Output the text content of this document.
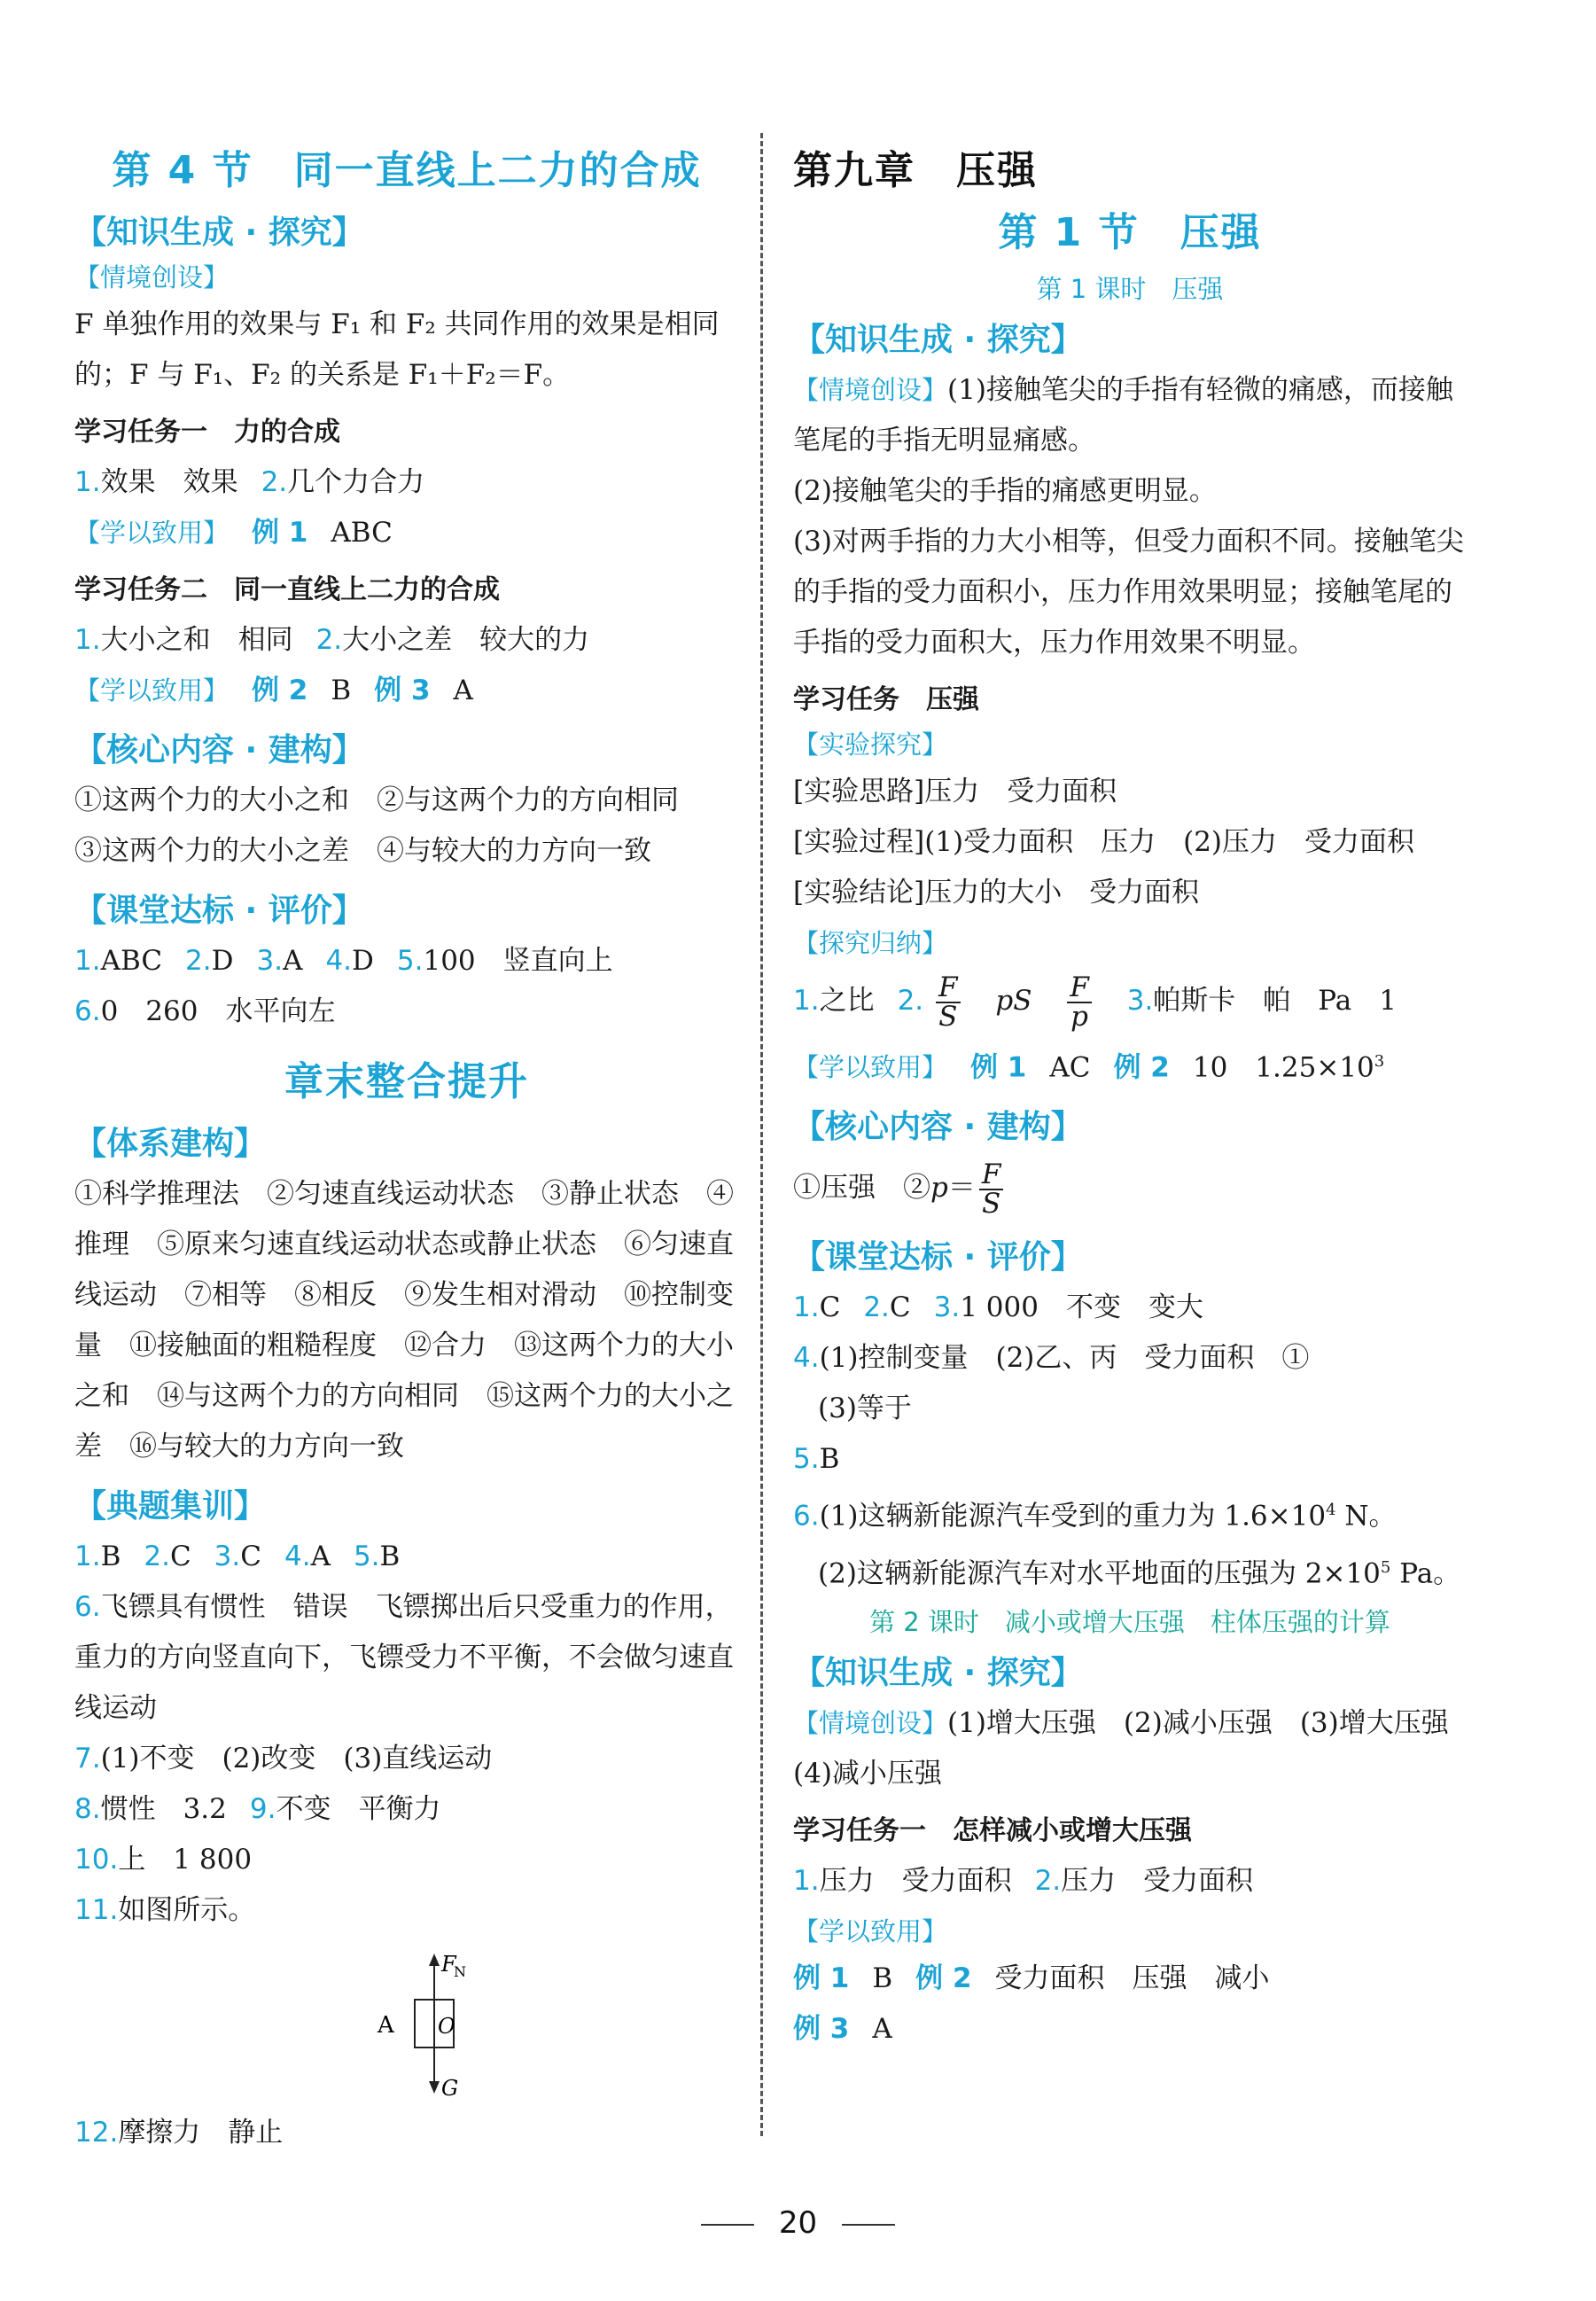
第 4 节　同一直线上二力的合成
【知识生成 · 探究】
【情境创设】

F 单独作用的效果与 F₁ 和 F₂ 共同作用的效果是相同的；F 与 F₁、F₂ 的关系是 F₁＋F₂＝F。

学习任务一　力的合成
1.效果　效果 2.几个力合力
【学以致用】 例 1 ABC
学习任务二　同一直线上二力的合成
1.大小之和　相同 2.大小之差　较大的力
【学以致用】 例 2 B 例 3 A
【核心内容 · 建构】
①这两个力的大小之和　②与这两个力的方向相同
③这两个力的大小之差　④与较大的力方向一致
【课堂达标 · 评价】
1.ABC 2.D 3.A 4.D 5.100　竖直向上
6.0　260　水平向左
章末整合提升
【体系建构】

①科学推理法　②匀速直线运动状态　③静止状态　④推理　⑤原来匀速直线运动状态或静止状态　⑥匀速直线运动　⑦相等　⑧相反　⑨发生相对滑动　⑩控制变量　⑪接触面的粗糙程度　⑫合力　⑬这两个力的大小之和　⑭与这两个力的方向相同　⑮这两个力的大小之差　⑯与较大的力方向一致

【典题集训】
1.B 2.C 3.C 4.A 5.B

6.飞镖具有惯性　错误　飞镖掷出后只受重力的作用，重力的方向竖直向下，飞镖受力不平衡，不会做匀速直线运动

7.(1)不变　(2)改变　(3)直线运动
8.惯性　3.2 9.不变　平衡力
10.上　1 800
11.如图所示。
A O
F
N
G
12.摩擦力　静止
第九章　压强
第 1 节　压强
第 1 课时　压强
【知识生成 · 探究】

【情境创设】(1)接触笔尖的手指有轻微的痛感，而接触笔尾的手指无明显痛感。

(2)接触笔尖的手指的痛感更明显。

(3)对两手指的力大小相等，但受力面积不同。接触笔尖的手指的受力面积小，压力作用效果明显；接触笔尾的手指的受力面积大，压力作用效果不明显。

学习任务　压强
【实验探究】
[实验思路]压力　受力面积
[实验过程](1)受力面积　压力　(2)压力　受力面积
[实验结论]压力的大小　受力面积
【探究归纳】
1.之比 2. $\frac{F}{S}$ pS $\frac{F}{p} 3$.帕斯卡　帕　Pa　1
【学以致用】 例 1 AC 例 2 10　$1.25\times 10^3$
【核心内容 · 建构】
①压强　②p＝ $\frac{F}{S}$
【课堂达标 · 评价】
1.C 2.C 3.1 000　不变　变大
4.(1)控制变量　(2)乙、丙　受力面积　①
(3)等于
5.B
6.(1)这辆新能源汽车受到的重力为 $1.6\times 10^4$ N。

(2)这辆新能源汽车对水平地面的压强为 $2\times 10^5$ Pa。

第 2 课时　减小或增大压强　柱体压强的计算
【知识生成 · 探究】

【情境创设】(1)增大压强　(2)减小压强　(3)增大压强　(4)减小压强

学习任务一　怎样减小或增大压强
1.压力　受力面积 2.压力　受力面积
【学以致用】
例 1 B 例 2 受力面积　压强　减小
例 3 A
20
